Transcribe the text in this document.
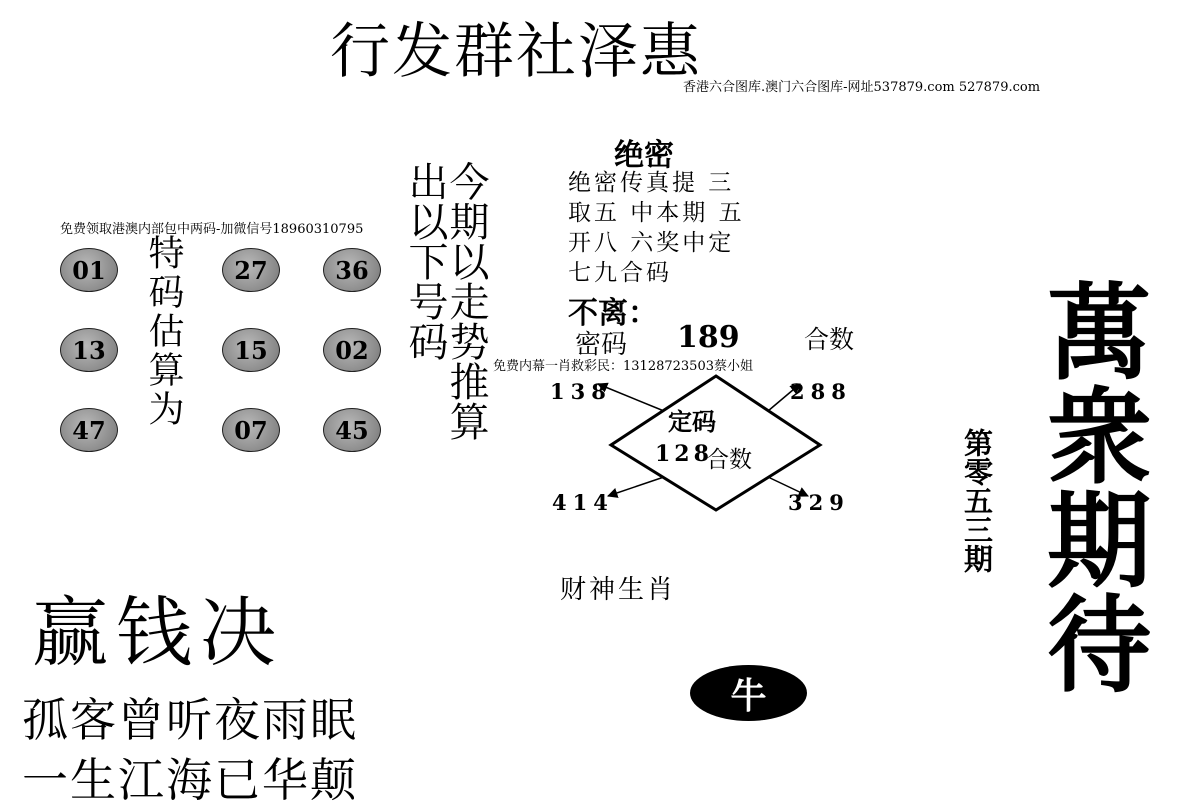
行发群社泽惠
香港六合图库.澳门六合图库-网址537879.com 527879.com
免费领取港澳内部包中两码-加微信号18960310795
免费内幕一肖救彩民：13128723503蔡小姐
01	27	36
13	15	02
47	07	45
特码估算为	今期以走势推算
出以下号码
绝密
绝密传真提 三
取五 中本期 五
开八 六奖中定
七九合码
不离：
密码 189	合数
138	288
414	329
定码
128
合数
财神生肖
牛
赢钱决
孤客曾听夜雨眠
一生江海已华颠
第零五三期 萬衆期待
